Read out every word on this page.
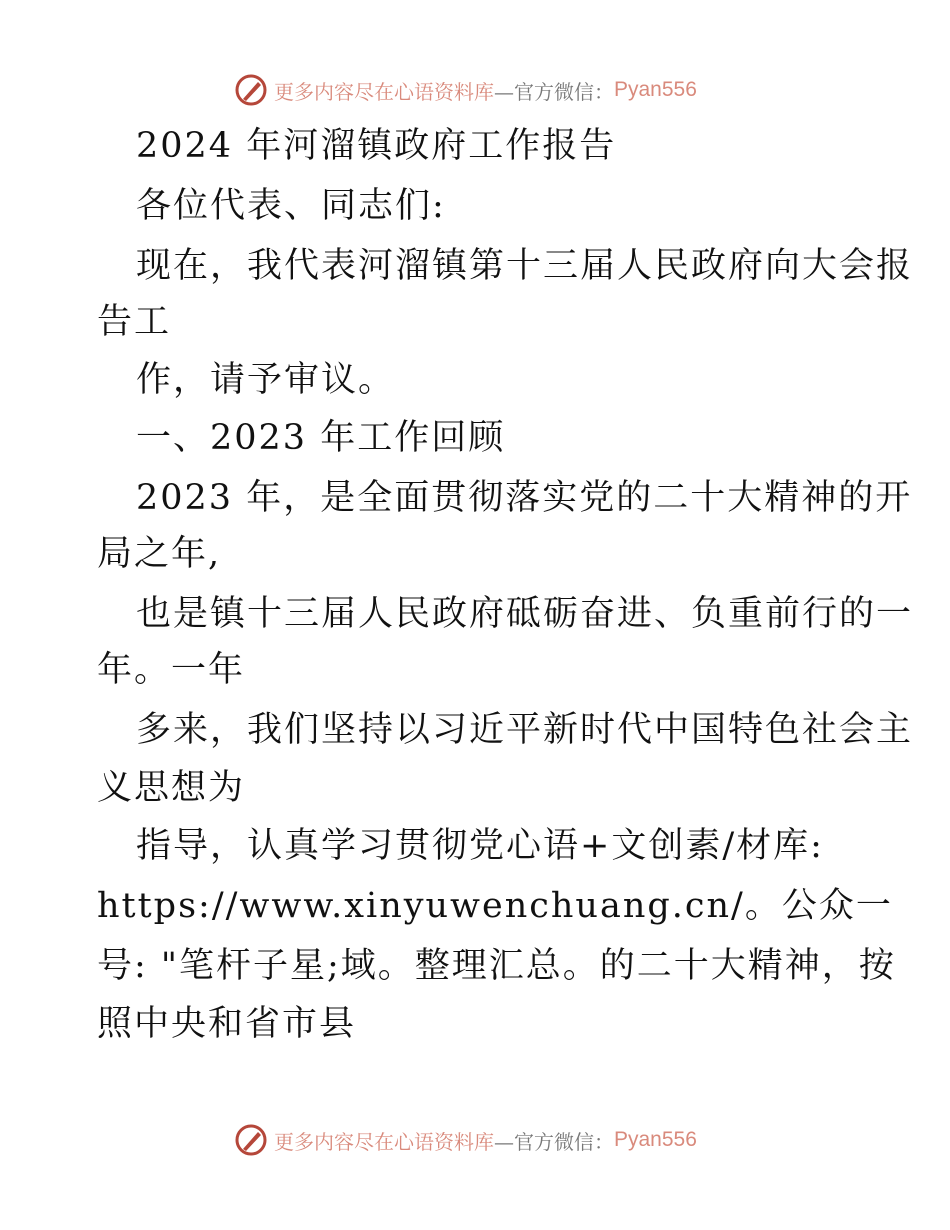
更多内容尽在心语资料库 —官方微信： Pyan556
2024 年河溜镇政府工作报告
各位代表、同志们:
现在，我代表河溜镇第十三届人民政府向大会报
告工
作，请予审议。
一、2023 年工作回顾
2023 年，是全面贯彻落实党的二十大精神的开
局之年,
也是镇十三届人民政府砥砺奋进、负重前行的一
年。一年
多来，我们坚持以习近平新时代中国特色社会主
义思想为
指导，认真学习贯彻党心语+文创素/材库:
https://www.xinyuwenchuang.cn/。公众一
号: "笔杆子星;域。整理汇总。的二十大精神，按
照中央和省市县
更多内容尽在心语资料库 —官方微信： Pyan556
